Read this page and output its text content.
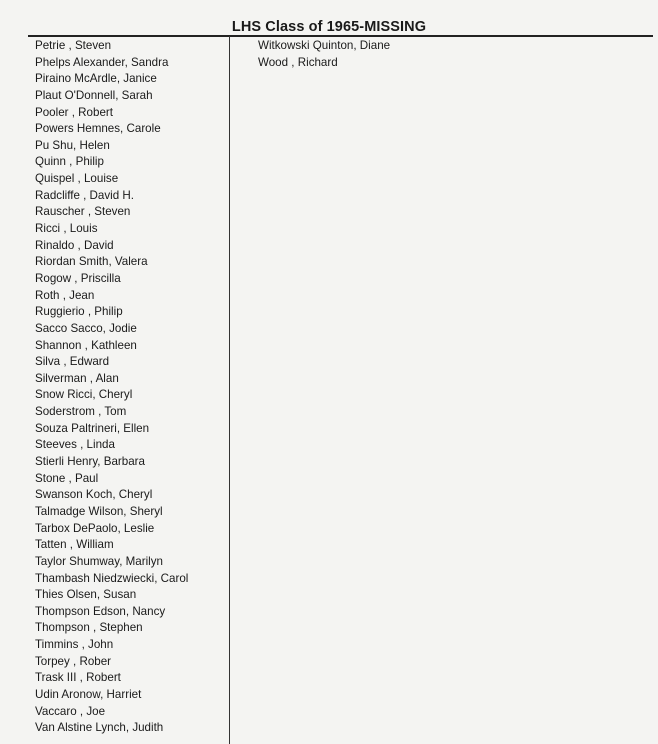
LHS Class of 1965-MISSING
Petrie , Steven
Phelps Alexander, Sandra
Piraino McArdle, Janice
Plaut O'Donnell, Sarah
Pooler , Robert
Powers Hemnes, Carole
Pu Shu, Helen
Quinn , Philip
Quispel , Louise
Radcliffe , David H.
Rauscher , Steven
Ricci , Louis
Rinaldo , David
Riordan Smith, Valera
Rogow , Priscilla
Roth , Jean
Ruggierio , Philip
Sacco Sacco, Jodie
Shannon , Kathleen
Silva , Edward
Silverman , Alan
Snow Ricci, Cheryl
Soderstrom , Tom
Souza Paltrineri, Ellen
Steeves , Linda
Stierli Henry, Barbara
Stone , Paul
Swanson Koch, Cheryl
Talmadge Wilson, Sheryl
Tarbox DePaolo, Leslie
Tatten , William
Taylor Shumway, Marilyn
Thambash Niedzwiecki, Carol
Thies Olsen, Susan
Thompson Edson, Nancy
Thompson , Stephen
Timmins , John
Torpey , Rober
Trask III , Robert
Udin Aronow, Harriet
Vaccaro , Joe
Van Alstine Lynch, Judith
Witkowski Quinton, Diane
Wood , Richard
